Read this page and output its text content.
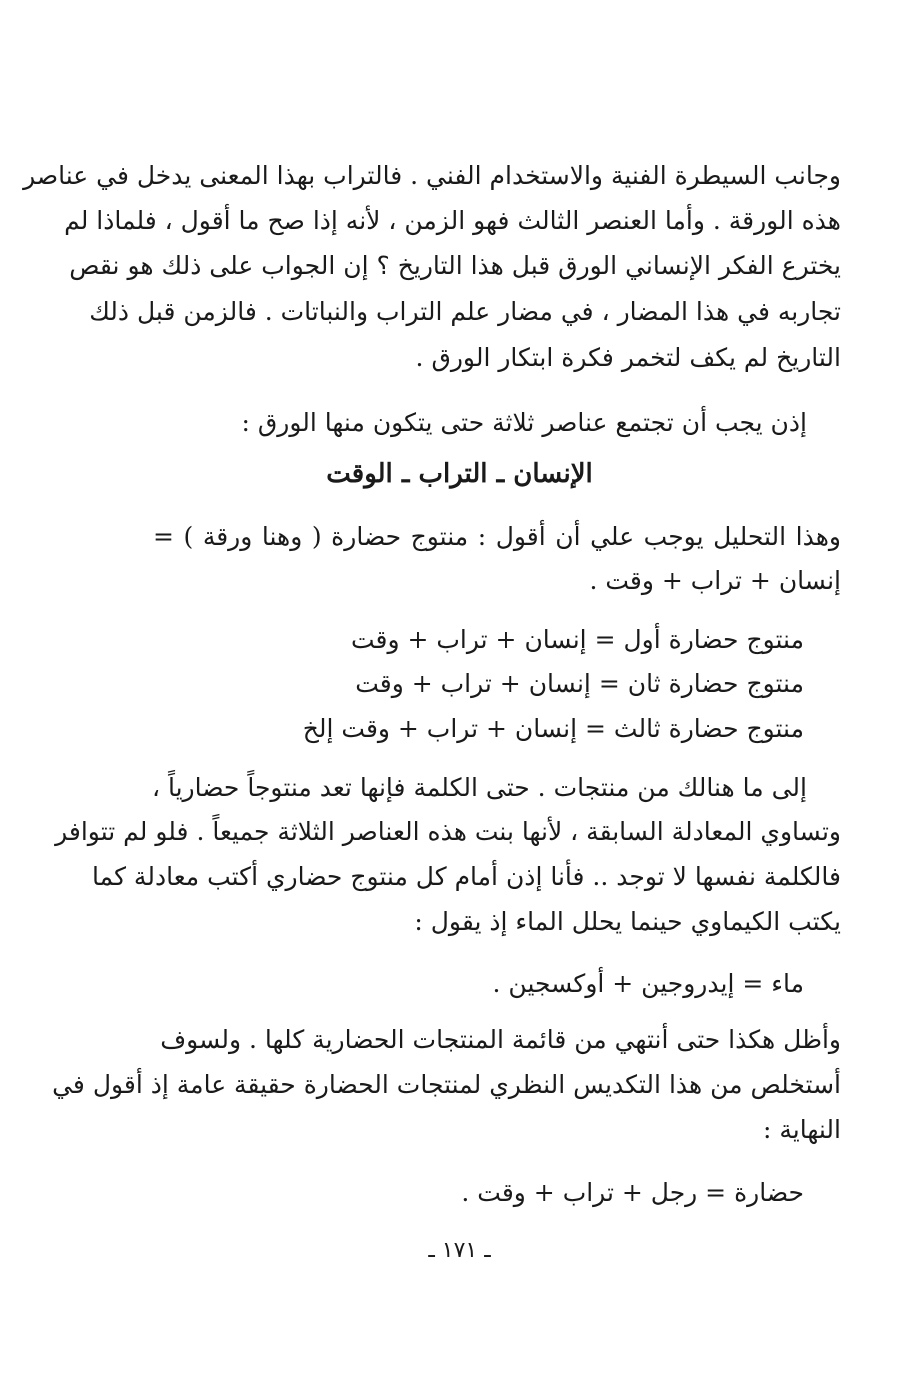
وجانب السيطرة الفنية والاستخدام الفني . فالتراب بهذا المعنى يدخل في عناصر
هذه الورقة . وأما العنصر الثالث فهو الزمن ، لأنه إذا صح ما أقول ، فلماذا لم
يخترع الفكر الإنساني الورق قبل هذا التاريخ ؟ إن الجواب على ذلك هو نقص
تجاربه في هذا المضار ، في مضار علم التراب والنباتات . فالزمن قبل ذلك
التاريخ لم يكف لتخمر فكرة ابتكار الورق .
إذن يجب أن تجتمع عناصر ثلاثة حتى يتكون منها الورق :
الإنسان ـ التراب ـ الوقت
وهذا التحليل يوجب علي أن أقول : منتوج حضارة ( وهنا ورقة ) =
إنسان + تراب + وقت .
منتوج حضارة أول = إنسان + تراب + وقت
منتوج حضارة ثان = إنسان + تراب + وقت
منتوج حضارة ثالث = إنسان + تراب + وقت إلخ
إلى ما هنالك من منتجات . حتى الكلمة فإنها تعد منتوجاً حضارياً ،
وتساوي المعادلة السابقة ، لأنها بنت هذه العناصر الثلاثة جميعاً . فلو لم تتوافر
فالكلمة نفسها لا توجد .. فأنا إذن أمام كل منتوج حضاري أكتب معادلة كما
يكتب الكيماوي حينما يحلل الماء إذ يقول :
ماء = إيدروجين + أوكسجين .
وأظل هكذا حتى أنتهي من قائمة المنتجات الحضارية كلها . ولسوف
أستخلص من هذا التكديس النظري لمنتجات الحضارة حقيقة عامة إذ أقول في
النهاية :
حضارة = رجل + تراب + وقت .
ـ ١٧١ ـ
